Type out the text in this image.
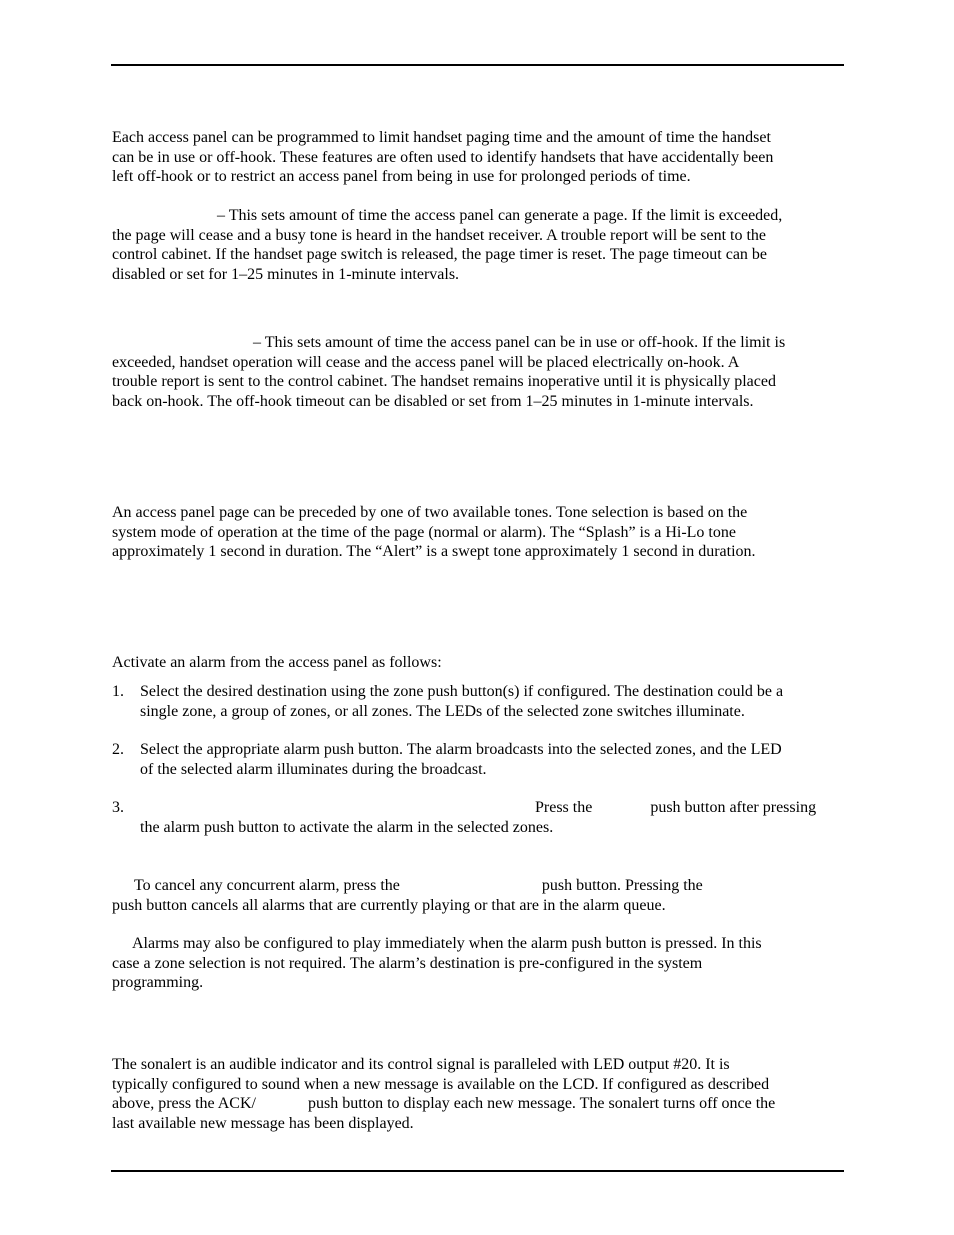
Each access panel can be programmed to limit handset paging time and the amount of time the handset
can be in use or off-hook. These features are often used to identify handsets that have accidentally been
left off-hook or to restrict an access panel from being in use for prolonged periods of time.
– This sets amount of time the access panel can generate a page. If the limit is exceeded,
the page will cease and a busy tone is heard in the handset receiver. A trouble report will be sent to the
control cabinet. If the handset page switch is released, the page timer is reset. The page timeout can be
disabled or set for 1–25 minutes in 1-minute intervals.
– This sets amount of time the access panel can be in use or off-hook. If the limit is
exceeded, handset operation will cease and the access panel will be placed electrically on-hook. A
trouble report is sent to the control cabinet. The handset remains inoperative until it is physically placed
back on-hook. The off-hook timeout can be disabled or set from 1–25 minutes in 1-minute intervals.
An access panel page can be preceded by one of two available tones. Tone selection is based on the
system mode of operation at the time of the page (normal or alarm). The “Splash” is a Hi-Lo tone
approximately 1 second in duration. The “Alert” is a swept tone approximately 1 second in duration.
Activate an alarm from the access panel as follows:
1.	Select the desired destination using the zone push button(s) if configured. The destination could be a
single zone, a group of zones, or all zones. The LEDs of the selected zone switches illuminate.
2.	Select the appropriate alarm push button. The alarm broadcasts into the selected zones, and the LED
of the selected alarm illuminates during the broadcast.
3.	Press the	push button after pressing
the alarm push button to activate the alarm in the selected zones.
To cancel any concurrent alarm, press the	push button. Pressing the
push button cancels all alarms that are currently playing or that are in the alarm queue.
Alarms may also be configured to play immediately when the alarm push button is pressed. In this
case a zone selection is not required. The alarm’s destination is pre-configured in the system
programming.
The sonalert is an audible indicator and its control signal is paralleled with LED output #20. It is
typically configured to sound when a new message is available on the LCD. If configured as described
above, press the ACK/	push button to display each new message. The sonalert turns off once the
last available new message has been displayed.
